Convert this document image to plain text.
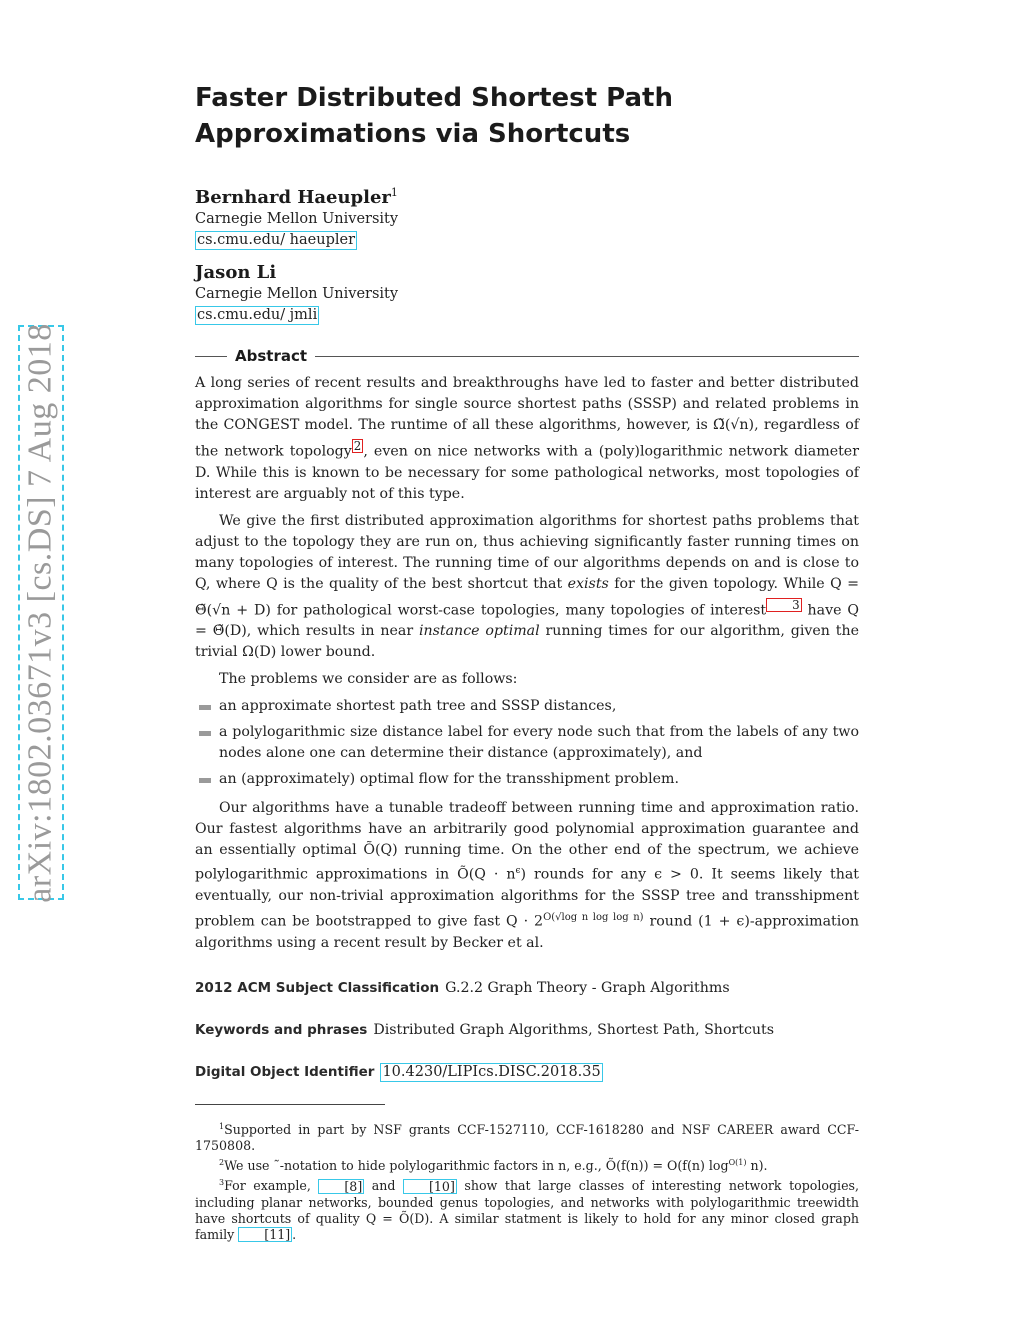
arXiv:1802.03671v3 [cs.DS] 7 Aug 2018
Faster Distributed Shortest Path Approximations via Shortcuts

Bernhard Haeupler$^1$

Carnegie Mellon University
cs.cmu.edu/ haeupler

Jason Li

Carnegie Mellon University
cs.cmu.edu/ jmli
Abstract

A long series of recent results and breakthroughs have led to faster and better distributed approximation algorithms for single source shortest paths (SSSP) and related problems in the CONGEST model. The runtime of all these algorithms, however, is Ω̃(√n), regardless of the network topology $^2$ , even on nice networks with a (poly)logarithmic network diameter D. While this is known to be necessary for some pathological networks, most topologies of interest are arguably not of this type.

We give the first distributed approximation algorithms for shortest paths problems that adjust to the topology they are run on, thus achieving significantly faster running times on many topologies of interest. The running time of our algorithms depends on and is close to Q, where Q is the quality of the best shortcut that exists for the given topology. While Q = Θ̃(√n + D) for pathological worst-case topologies, many topologies of interest $^3$ have Q = Θ̃(D), which results in near instance optimal running times for our algorithm, given the trivial Ω(D) lower bound.

The problems we consider are as follows:

an approximate shortest path tree and SSSP distances,
a polylogarithmic size distance label for every node such that from the labels of any two nodes alone one can determine their distance (approximately), and
an (approximately) optimal flow for the transshipment problem.

Our algorithms have a tunable tradeoff between running time and approximation ratio. Our fastest algorithms have an arbitrarily good polynomial approximation guarantee and an essentially optimal Õ(Q) running time. On the other end of the spectrum, we achieve polylogarithmic approximations in Õ(Q · $n^\epsilon$) rounds for any ϵ > 0. It seems likely that eventually, our non-trivial approximation algorithms for the SSSP tree and transshipment problem can be bootstrapped to give fast $Q \cdot 2^{O(√log n log log n)}$ round (1 + ϵ)-approximation algorithms using a recent result by Becker et al.

2012 ACM Subject Classification G.2.2 Graph Theory - Graph Algorithms
Keywords and phrases Distributed Graph Algorithms, Shortest Path, Shortcuts
Digital Object Identifier 10.4230/LIPIcs.DISC.2018.35

$^1$Supported in part by NSF grants CCF-1527110, CCF-1618280 and NSF CAREER award CCF-1750808.

$^2$We use ˜-notation to hide polylogarithmic factors in n, e.g., Õ(f(n)) = O(f(n) $\log^{O(1)} n$).

$^3$For example, [8] and [10] show that large classes of interesting network topologies, including planar networks, bounded genus topologies, and networks with polylogarithmic treewidth have shortcuts of quality Q = Õ(D). A similar statment is likely to hold for any minor closed graph family [11] .
